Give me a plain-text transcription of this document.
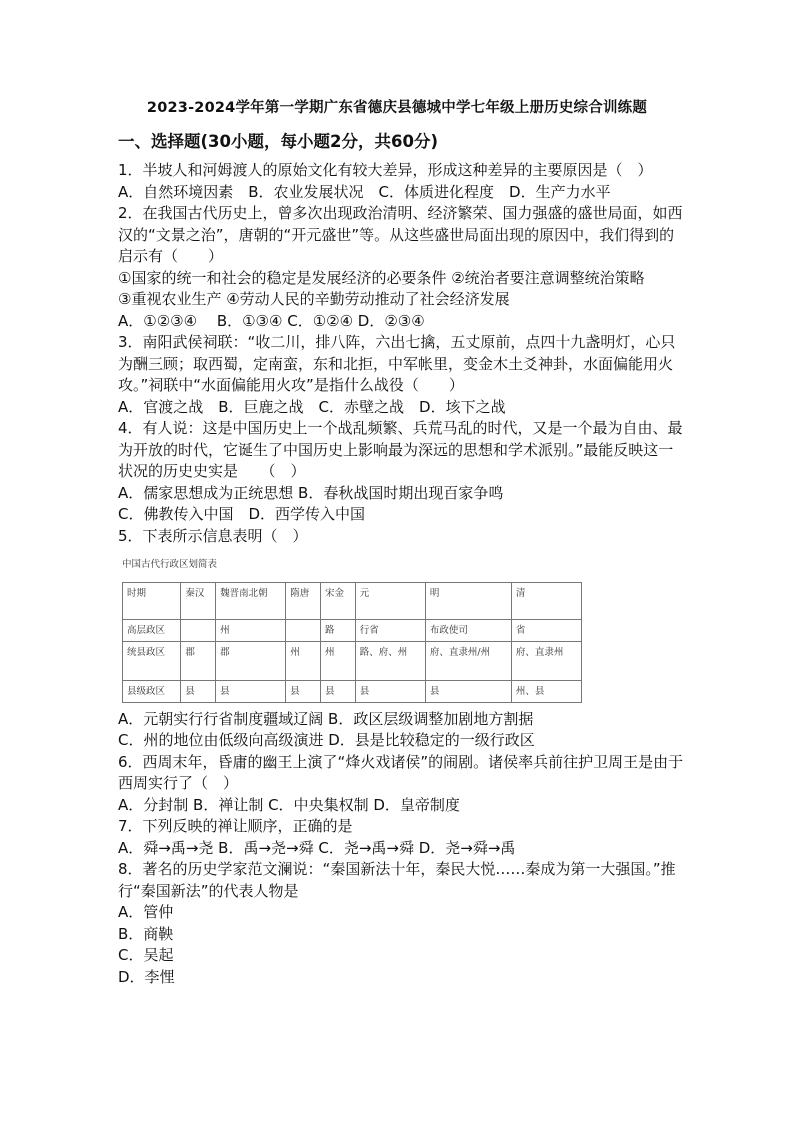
2023-2024学年第一学期广东省德庆县德城中学七年级上册历史综合训练题
一、选择题(30小题，每小题2分，共60分)

1．半坡人和河姆渡人的原始文化有较大差异，形成这种差异的主要原因是（　）

A．自然环境因素　B．农业发展状况　C．体质进化程度　D．生产力水平

2．在我国古代历史上，曾多次出现政治清明、经济繁荣、国力强盛的盛世局面，如西汉的“文景之治”，唐朝的“开元盛世”等。从这些盛世局面出现的原因中，我们得到的启示有（　　）

①国家的统一和社会的稳定是发展经济的必要条件 ②统治者要注意调整统治策略

③重视农业生产 ④劳动人民的辛勤劳动推动了社会经济发展

A．①②③④　 B．①③④ C．①②④ D．②③④

3．南阳武侯祠联：“收二川，排八阵，六出七擒，五丈原前，点四十九盏明灯，心只为酬三顾；取西蜀，定南蛮，东和北拒，中军帐里，变金木土爻神卦，水面偏能用火攻。”祠联中“水面偏能用火攻”是指什么战役（　　）

A．官渡之战　B．巨鹿之战　C．赤壁之战　D．垓下之战

4．有人说：这是中国历史上一个战乱频繁、兵荒马乱的时代，又是一个最为自由、最为开放的时代，它诞生了中国历史上影响最为深远的思想和学术派别。”最能反映这一状况的历史史实是　　（　）

A．儒家思想成为正统思想 B．春秋战国时期出现百家争鸣

C．佛教传入中国　D．西学传入中国

5．下表所示信息表明（　）

中国古代行政区划简表
时期	秦汉	魏晋南北朝	隋唐	宋金	元	明	清
高层政区		州		路	行省	布政使司	省
统县政区	郡	郡	州	州	路、府、州	府、直隶州/州	府、直隶州
县级政区	县	县	县	县	县	县	州、县

A．元朝实行行省制度疆域辽阔 B．政区层级调整加剧地方割据

C．州的地位由低级向高级演进 D．县是比较稳定的一级行政区

6．西周末年，昏庸的幽王上演了“烽火戏诸侯”的闹剧。诸侯率兵前往护卫周王是由于西周实行了（　）

A．分封制 B．禅让制 C．中央集权制 D．皇帝制度

7．下列反映的禅让顺序，正确的是

A．舜→禹→尧 B．禹→尧→舜 C．尧→禹→舜 D．尧→舜→禹

8．著名的历史学家范文澜说：“秦国新法十年，秦民大悦……秦成为第一大强国。”推行“秦国新法”的代表人物是

A．管仲

B．商鞅

C．吴起

D．李悝
